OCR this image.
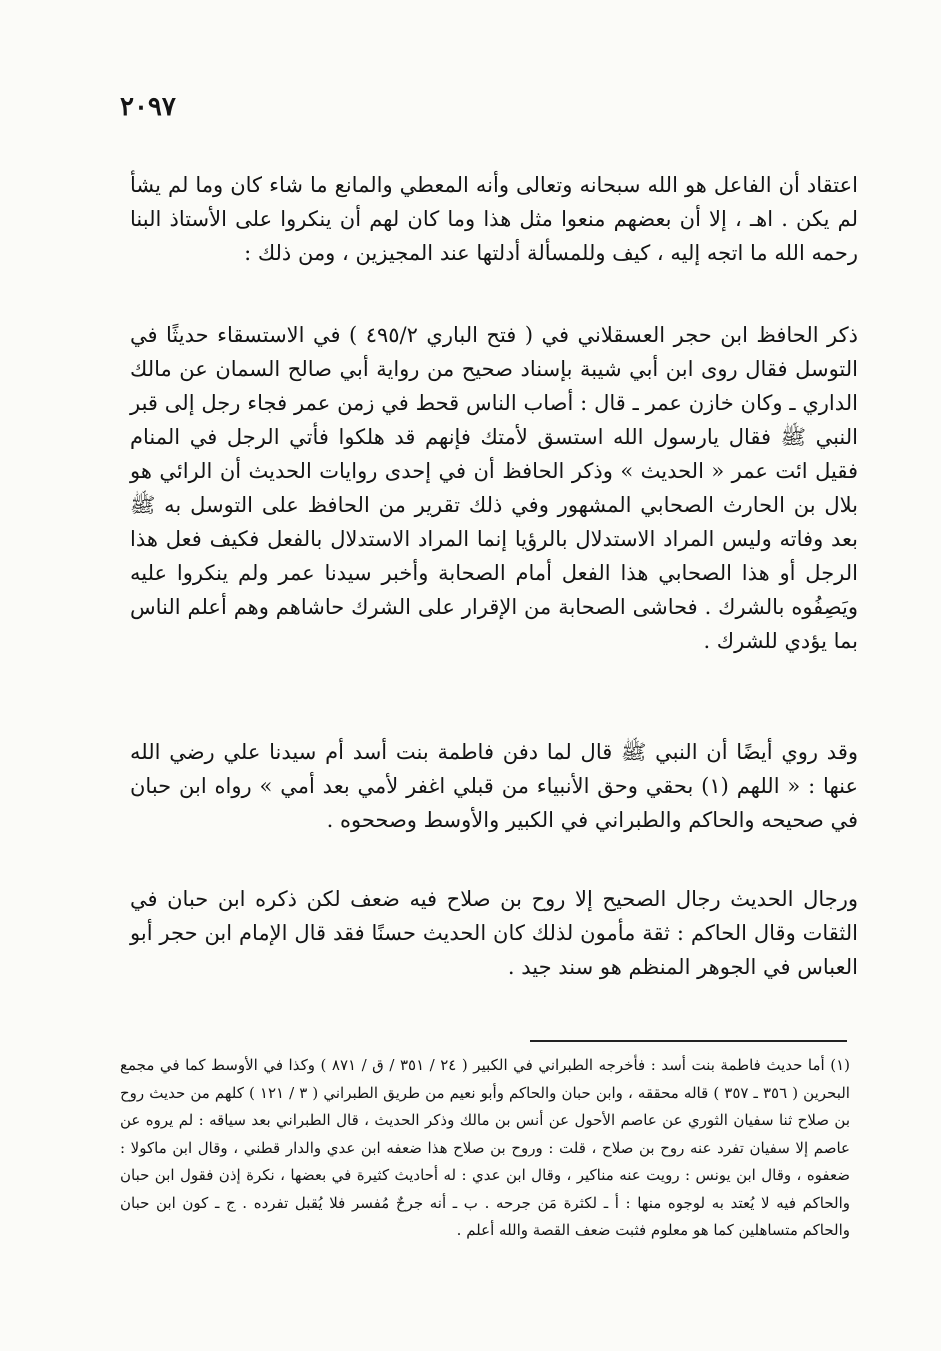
٢٠٩٧

اعتقاد أن الفاعل هو الله سبحانه وتعالى وأنه المعطي والمانع ما شاء كان وما لم يشأ لم يكن . اهـ ، إلا أن بعضهم منعوا مثل هذا وما كان لهم أن ينكروا على الأستاذ البنا رحمه الله ما اتجه إليه ، كيف وللمسألة أدلتها عند المجيزين ، ومن ذلك :

ذكر الحافظ ابن حجر العسقلاني في ( فتح الباري ٤٩٥/٢ ) في الاستسقاء حديثًا في التوسل فقال روى ابن أبي شيبة بإسناد صحيح من رواية أبي صالح السمان عن مالك الداري ـ وكان خازن عمر ـ قال : أصاب الناس قحط في زمن عمر فجاء رجل إلى قبر النبي ﷺ فقال يارسول الله استسق لأمتك فإنهم قد هلكوا فأتي الرجل في المنام فقيل ائت عمر « الحديث » وذكر الحافظ أن في إحدى روايات الحديث أن الرائي هو بلال بن الحارث الصحابي المشهور وفي ذلك تقرير من الحافظ على التوسل به ﷺ بعد وفاته وليس المراد الاستدلال بالرؤيا إنما المراد الاستدلال بالفعل فكيف فعل هذا الرجل أو هذا الصحابي هذا الفعل أمام الصحابة وأخبر سيدنا عمر ولم ينكروا عليه ويَصِفُوه بالشرك . فحاشى الصحابة من الإقرار على الشرك حاشاهم وهم أعلم الناس بما يؤدي للشرك .

وقد روي أيضًا أن النبي ﷺ قال لما دفن فاطمة بنت أسد أم سيدنا علي رضي الله عنها : « اللهم (١) بحقي وحق الأنبياء من قبلي اغفر لأمي بعد أمي » رواه ابن حبان في صحيحه والحاكم والطبراني في الكبير والأوسط وصححوه .

ورجال الحديث رجال الصحيح إلا روح بن صلاح فيه ضعف لكن ذكره ابن حبان في الثقات وقال الحاكم : ثقة مأمون لذلك كان الحديث حسنًا فقد قال الإمام ابن حجر أبو العباس في الجوهر المنظم هو سند جيد .

(١) أما حديث فاطمة بنت أسد : فأخرجه الطبراني في الكبير ( ٢٤ / ٣٥١ / ق / ٨٧١ ) وكذا في الأوسط كما في مجمع البحرين ( ٣٥٦ ـ ٣٥٧ ) قاله محققه ، وابن حبان والحاكم وأبو نعيم من طريق الطبراني ( ٣ / ١٢١ ) كلهم من حديث روح بن صلاح ثنا سفيان الثوري عن عاصم الأحول عن أنس بن مالك وذكر الحديث ، قال الطبراني بعد سياقه : لم يروه عن عاصم إلا سفيان تفرد عنه روح بن صلاح ، قلت : وروح بن صلاح هذا ضعفه ابن عدي والدار قطني ، وقال ابن ماكولا : ضعفوه ، وقال ابن يونس : رويت عنه مناكير ، وقال ابن عدي : له أحاديث كثيرة في بعضها ، نكرة إذن فقول ابن حبان والحاكم فيه لا يُعتد به لوجوه منها : أ ـ لكثرة مَن جرحه . ب ـ أنه جرحٌ مُفسر فلا يُقبل تفرده . ج ـ كون ابن حبان والحاكم متساهلين كما هو معلوم فثبت ضعف القصة والله أعلم .
